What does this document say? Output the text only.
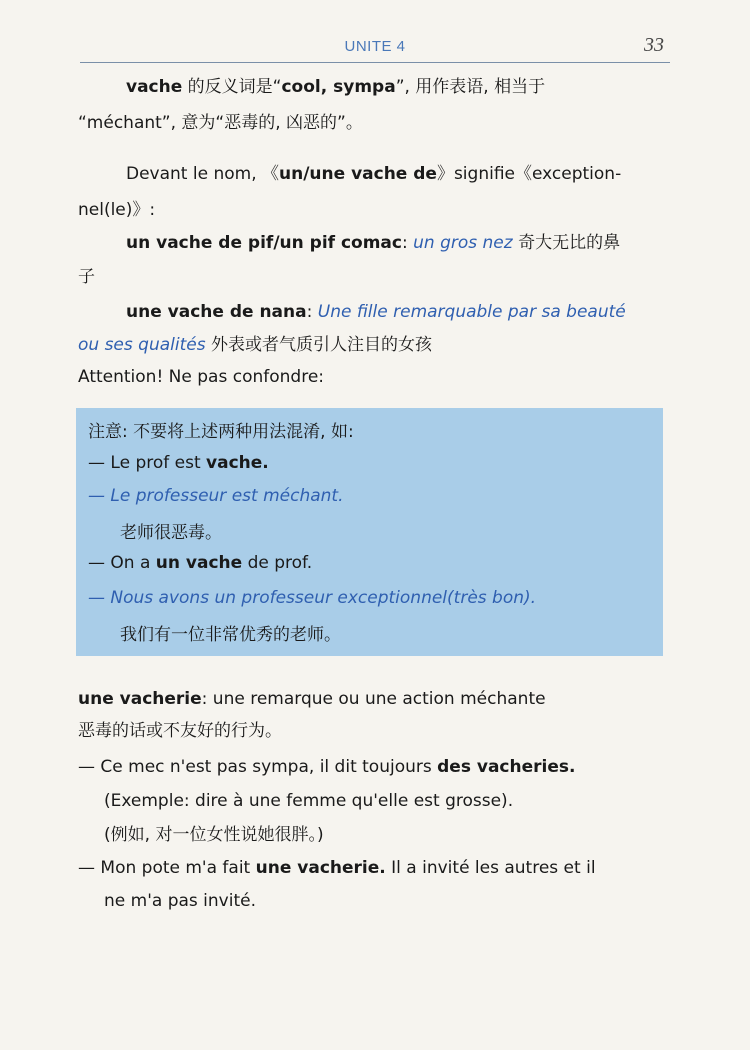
UNITE 4	33
vache 的反义词是“cool, sympa”, 用作表语, 相当于
“méchant”, 意为“恶毒的, 凶恶的”。
Devant le nom, 《un/une vache de》signifie《exception-
nel(le)》:
un vache de pif/un pif comac: un gros nez 奇大无比的鼻
子
une vache de nana: Une fille remarquable par sa beauté
ou ses qualités 外表或者气质引人注目的女孩
Attention! Ne pas confondre:
注意: 不要将上述两种用法混淆, 如:
— Le prof est vache.
— Le professeur est méchant.
老师很恶毒。
— On a un vache de prof.
— Nous avons un professeur exceptionnel(très bon).
我们有一位非常优秀的老师。
une vacherie: une remarque ou une action méchante
恶毒的话或不友好的行为。
— Ce mec n'est pas sympa, il dit toujours des vacheries.
(Exemple: dire à une femme qu'elle est grosse).
(例如, 对一位女性说她很胖。)
— Mon pote m'a fait une vacherie. Il a invité les autres et il
ne m'a pas invité.
